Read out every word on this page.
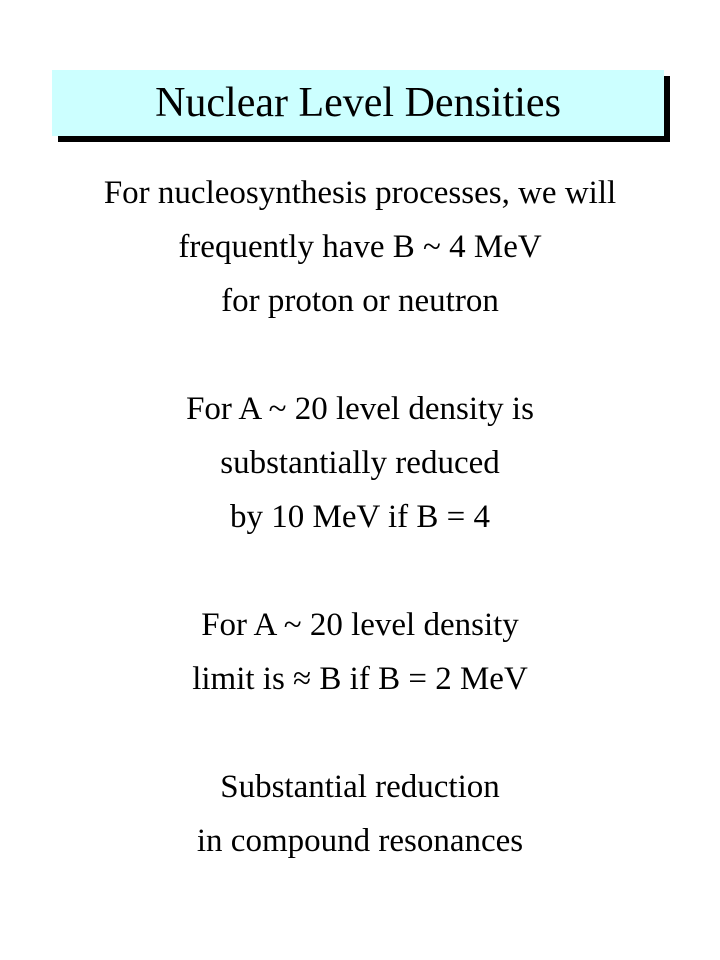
Nuclear Level Densities
For nucleosynthesis processes, we will
frequently have B ~ 4 MeV
for proton or neutron
For A ~ 20 level density is
substantially reduced
by 10 MeV if B = 4
For A ~ 20 level density
limit is ≈ B if B = 2 MeV
Substantial reduction
in compound resonances
